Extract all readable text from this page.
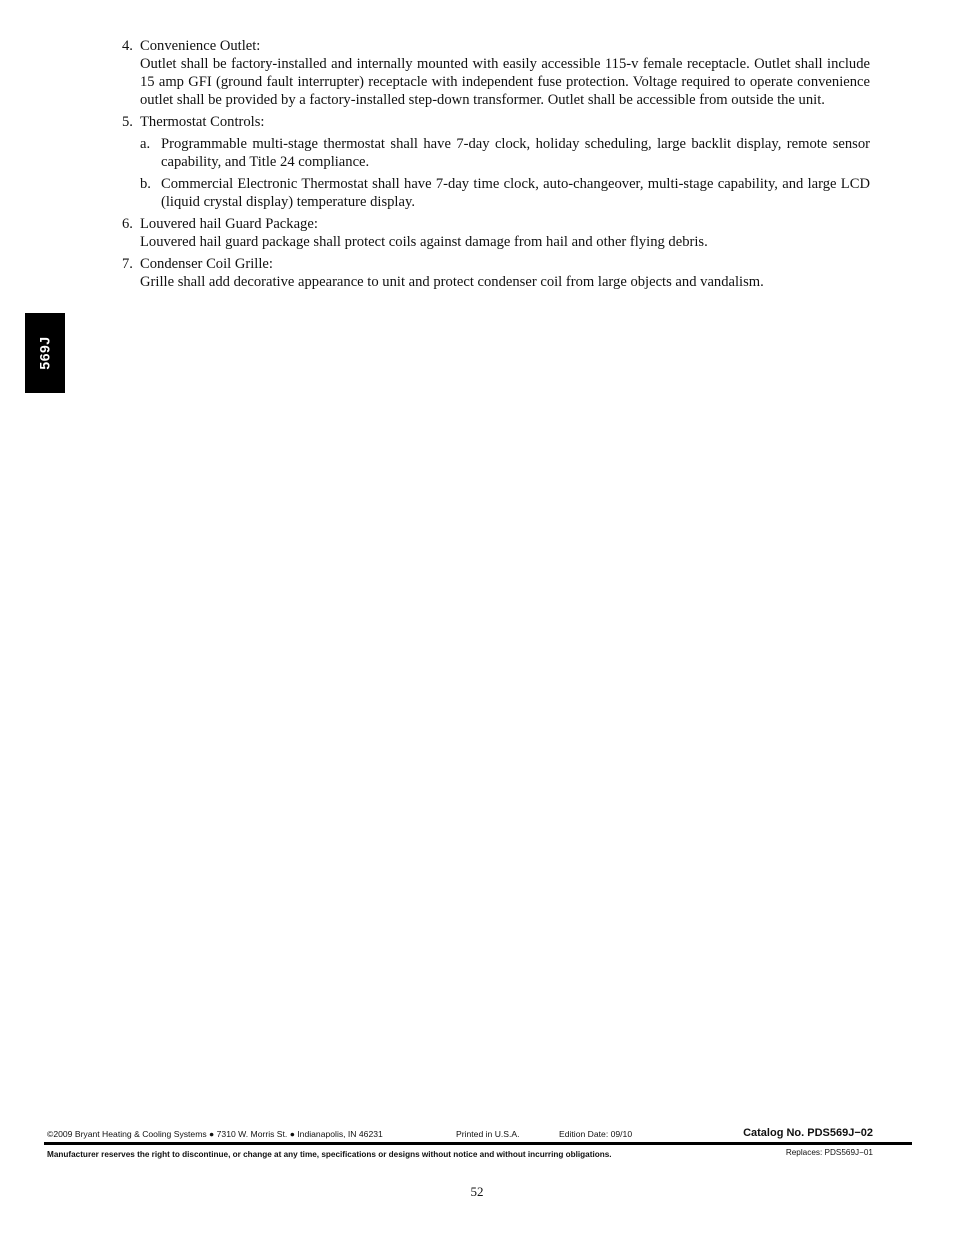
569J
4. Convenience Outlet:
Outlet shall be factory-installed and internally mounted with easily accessible 115-v female receptacle. Outlet shall include 15 amp GFI (ground fault interrupter) receptacle with independent fuse protection. Voltage required to operate convenience outlet shall be provided by a factory-installed step-down transformer. Outlet shall be accessible from outside the unit.
5. Thermostat Controls:
a. Programmable multi-stage thermostat shall have 7-day clock, holiday scheduling, large backlit display, remote sensor capability, and Title 24 compliance.
b. Commercial Electronic Thermostat shall have 7-day time clock, auto-changeover, multi-stage capability, and large LCD (liquid crystal display) temperature display.
6. Louvered hail Guard Package:
Louvered hail guard package shall protect coils against damage from hail and other flying debris.
7. Condenser Coil Grille:
Grille shall add decorative appearance to unit and protect condenser coil from large objects and vandalism.
©2009 Bryant Heating & Cooling Systems ● 7310 W. Morris St. ● Indianapolis, IN 46231	Printed in U.S.A.	Edition Date: 09/10	Catalog No. PDS569J−02
Manufacturer reserves the right to discontinue, or change at any time, specifications or designs without notice and without incurring obligations.	Replaces: PDS569J−01
52
